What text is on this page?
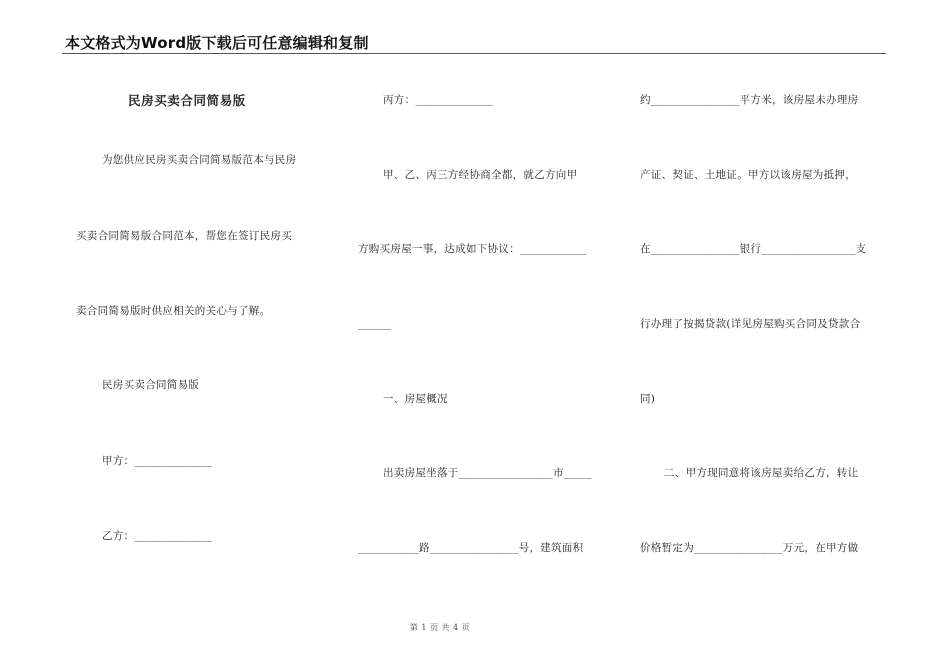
本文格式为Word版下载后可任意编辑和复制
民房买卖合同简易版
为您供应民房买卖合同简易版范本与民房
买卖合同简易版合同范本，帮您在签订民房买
卖合同简易版时供应相关的关心与了解。
民房买卖合同简易版
甲方：______________
乙方：______________
丙方：______________
甲、乙、丙三方经协商全都，就乙方向甲
方购买房屋一事，达成如下协议：____________
______
一、房屋概况
出卖房屋坐落于_________________市_____
___________路________________号，建筑面积
约________________平方米，该房屋未办理房
产证、契证、土地证。甲方以该房屋为抵押，
在________________银行_________________支
行办理了按揭贷款(详见房屋购买合同及贷款合
同)
二、甲方现同意将该房屋卖给乙方，转让
价格暂定为________________万元，在甲方做
第 1 页 共 4 页
